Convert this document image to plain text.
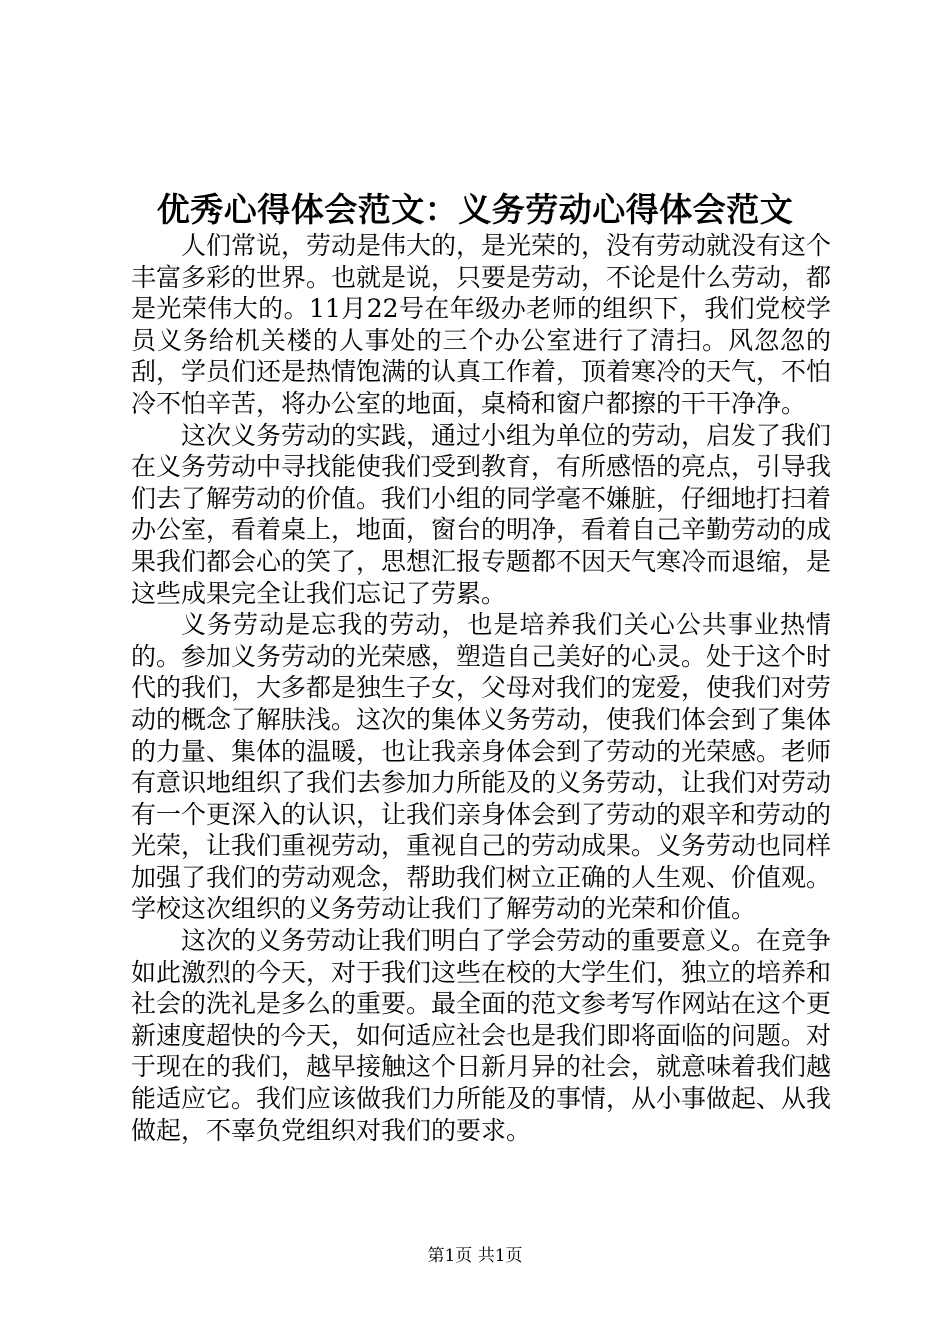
优秀心得体会范文：义务劳动心得体会范文

人们常说，劳动是伟大的，是光荣的，没有劳动就没有这个丰富多彩的世界。也就是说，只要是劳动，不论是什么劳动，都是光荣伟大的。11月22号在年级办老师的组织下，我们党校学员义务给机关楼的人事处的三个办公室进行了清扫。风忽忽的刮，学员们还是热情饱满的认真工作着，顶着寒冷的天气，不怕冷不怕辛苦，将办公室的地面，桌椅和窗户都擦的干干净净。

这次义务劳动的实践，通过小组为单位的劳动，启发了我们在义务劳动中寻找能使我们受到教育，有所感悟的亮点，引导我们去了解劳动的价值。我们小组的同学毫不嫌脏，仔细地打扫着办公室，看着桌上，地面，窗台的明净，看着自己辛勤劳动的成果我们都会心的笑了，思想汇报专题都不因天气寒冷而退缩，是这些成果完全让我们忘记了劳累。

义务劳动是忘我的劳动，也是培养我们关心公共事业热情的。参加义务劳动的光荣感，塑造自己美好的心灵。处于这个时代的我们，大多都是独生子女，父母对我们的宠爱，使我们对劳动的概念了解肤浅。这次的集体义务劳动，使我们体会到了集体的力量、集体的温暖，也让我亲身体会到了劳动的光荣感。老师有意识地组织了我们去参加力所能及的义务劳动，让我们对劳动有一个更深入的认识，让我们亲身体会到了劳动的艰辛和劳动的光荣，让我们重视劳动，重视自己的劳动成果。义务劳动也同样加强了我们的劳动观念，帮助我们树立正确的人生观、价值观。学校这次组织的义务劳动让我们了解劳动的光荣和价值。

这次的义务劳动让我们明白了学会劳动的重要意义。在竞争如此激烈的今天，对于我们这些在校的大学生们，独立的培养和社会的洗礼是多么的重要。最全面的范文参考写作网站在这个更新速度超快的今天，如何适应社会也是我们即将面临的问题。对于现在的我们，越早接触这个日新月异的社会，就意味着我们越能适应它。我们应该做我们力所能及的事情，从小事做起、从我做起，不辜负党组织对我们的要求。

第1页 共1页
